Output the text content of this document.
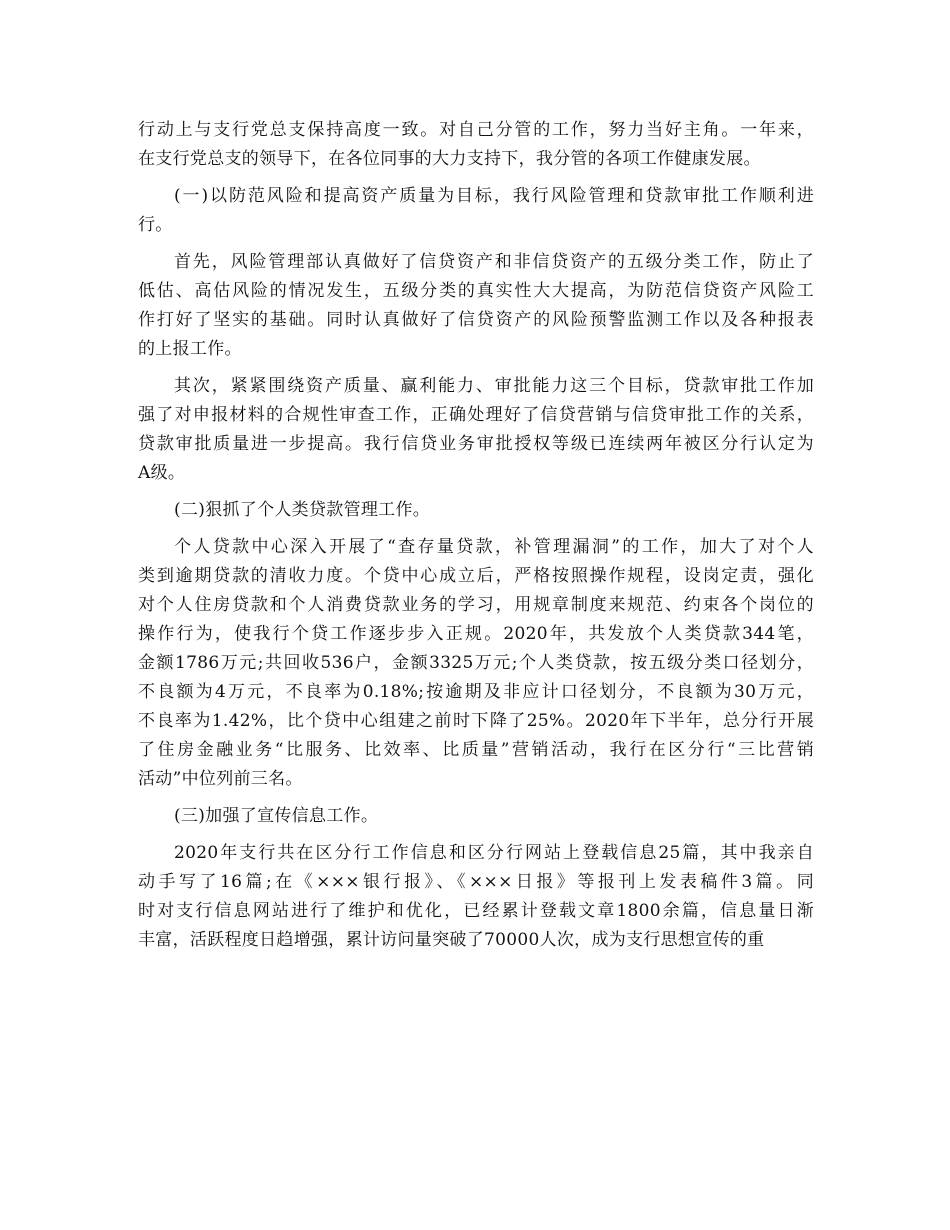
行动上与支行党总支保持高度一致。对自己分管的工作，努力当好主角。一年来，
在支行党总支的领导下，在各位同事的大力支持下，我分管的各项工作健康发展。
(一)以防范风险和提高资产质量为目标，我行风险管理和贷款审批工作顺利进
行。
首先，风险管理部认真做好了信贷资产和非信贷资产的五级分类工作，防止了
低估、高估风险的情况发生，五级分类的真实性大大提高，为防范信贷资产风险工
作打好了坚实的基础。同时认真做好了信贷资产的风险预警监测工作以及各种报表
的上报工作。
其次，紧紧围绕资产质量、赢利能力、审批能力这三个目标，贷款审批工作加
强了对申报材料的合规性审查工作，正确处理好了信贷营销与信贷审批工作的关系，
贷款审批质量进一步提高。我行信贷业务审批授权等级已连续两年被区分行认定为
A级。
(二)狠抓了个人类贷款管理工作。
个人贷款中心深入开展了“查存量贷款，补管理漏洞”的工作，加大了对个人
类到逾期贷款的清收力度。个贷中心成立后，严格按照操作规程，设岗定责，强化
对个人住房贷款和个人消费贷款业务的学习，用规章制度来规范、约束各个岗位的
操作行为，使我行个贷工作逐步步入正规。2020年，共发放个人类贷款344笔，
金额1786万元;共回收536户，金额3325万元;个人类贷款，按五级分类口径划分，
不良额为4万元，不良率为0.18%;按逾期及非应计口径划分，不良额为30万元，
不良率为1.42%，比个贷中心组建之前时下降了25%。2020年下半年，总分行开展
了住房金融业务“比服务、比效率、比质量”营销活动，我行在区分行“三比营销
活动”中位列前三名。
(三)加强了宣传信息工作。
2020年支行共在区分行工作信息和区分行网站上登载信息25篇，其中我亲自
动手写了16篇;在《×××银行报》、《×××日报》等报刊上发表稿件3篇。同
时对支行信息网站进行了维护和优化，已经累计登载文章1800余篇，信息量日渐
丰富，活跃程度日趋增强，累计访问量突破了70000人次，成为支行思想宣传的重
